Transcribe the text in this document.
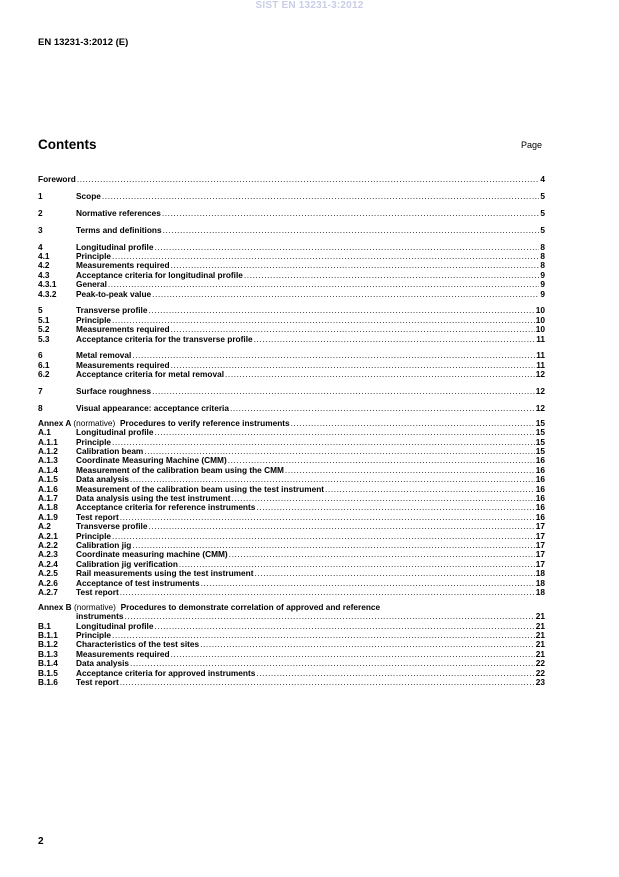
SIST EN 13231-3:2012
EN 13231-3:2012 (E)
Contents	Page
Foreword .....	4
1	Scope .....	5
2	Normative references .....	5
3	Terms and definitions .....	5
4	Longitudinal profile .....	8
4.1	Principle .....	8
4.2	Measurements required .....	8
4.3	Acceptance criteria for longitudinal profile .....	9
4.3.1	General .....	9
4.3.2	Peak-to-peak value .....	9
5	Transverse profile .....	10
5.1	Principle .....	10
5.2	Measurements required .....	10
5.3	Acceptance criteria for the transverse profile .....	11
6	Metal removal .....	11
6.1	Measurements required .....	11
6.2	Acceptance criteria for metal removal .....	12
7	Surface roughness .....	12
8	Visual appearance: acceptance criteria .....	12
Annex A (normative) Procedures to verify reference instruments .....	15
A.1	Longitudinal profile .....	15
A.1.1	Principle .....	15
A.1.2	Calibration beam .....	15
A.1.3	Coordinate Measuring Machine (CMM) .....	16
A.1.4	Measurement of the calibration beam using the CMM .....	16
A.1.5	Data analysis .....	16
A.1.6	Measurement of the calibration beam using the test instrument .....	16
A.1.7	Data analysis using the test instrument .....	16
A.1.8	Acceptance criteria for reference instruments .....	16
A.1.9	Test report .....	16
A.2	Transverse profile .....	17
A.2.1	Principle .....	17
A.2.2	Calibration jig .....	17
A.2.3	Coordinate measuring machine (CMM) .....	17
A.2.4	Calibration jig verification .....	17
A.2.5	Rail measurements using the test instrument .....	18
A.2.6	Acceptance of test instruments .....	18
A.2.7	Test report .....	18
Annex B (normative) Procedures to demonstrate correlation of approved and reference
instruments .....	21
B.1	Longitudinal profile .....	21
B.1.1	Principle .....	21
B.1.2	Characteristics of the test sites .....	21
B.1.3	Measurements required .....	21
B.1.4	Data analysis .....	22
B.1.5	Acceptance criteria for approved instruments .....	22
B.1.6	Test report .....	23
2
